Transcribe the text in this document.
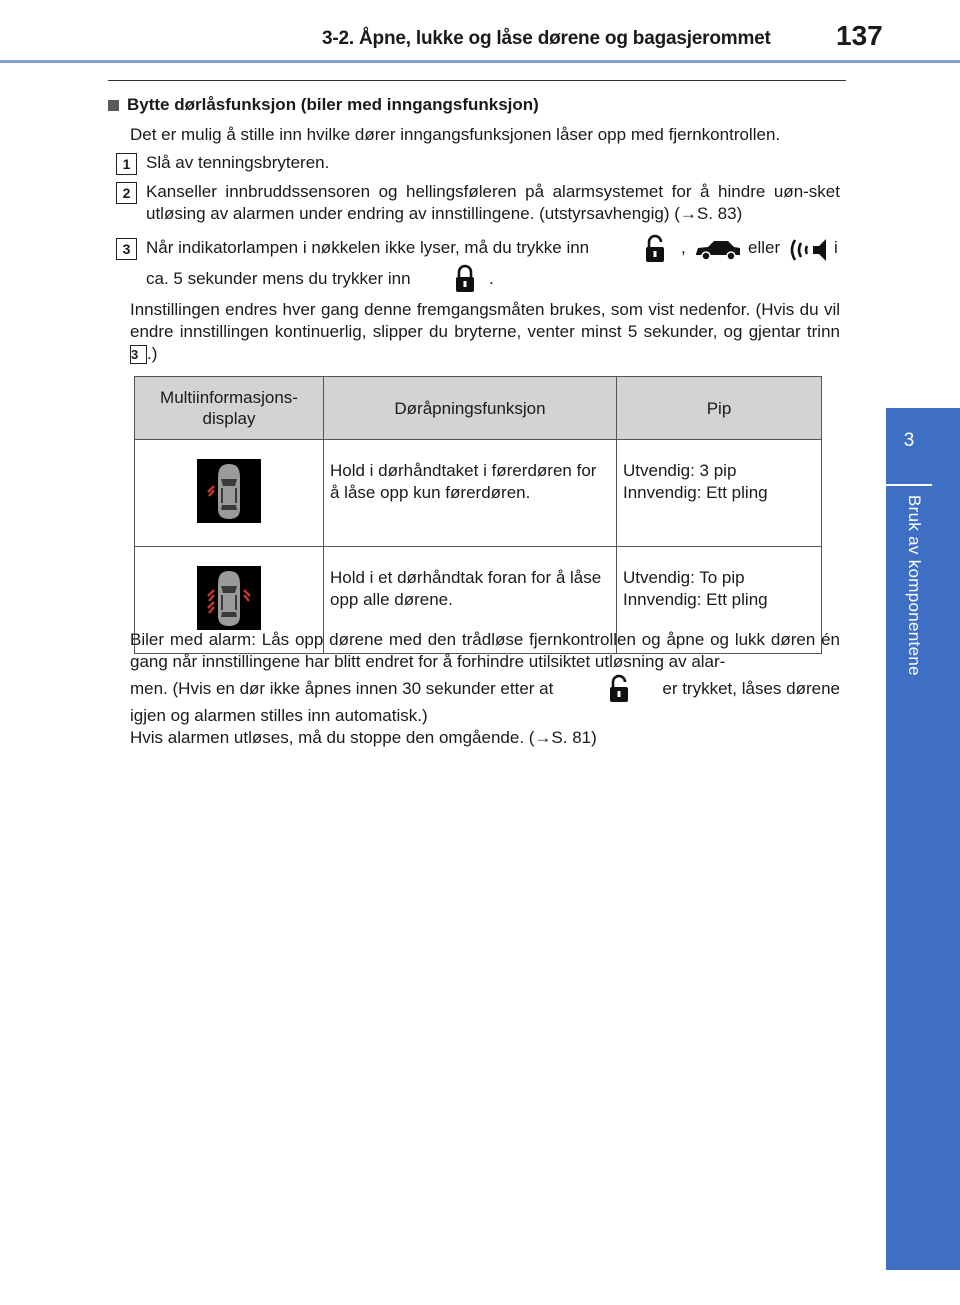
3-2. Åpne, lukke og låse dørene og bagasjerommet 137
3
Bruk av komponentene
Bytte dørlåsfunksjon (biler med inngangsfunksjon)
Det er mulig å stille inn hvilke dører inngangsfunksjonen låser opp med fjernkontrollen.
1 Slå av tenningsbryteren.
2 Kanseller innbruddssensoren og hellingsføleren på alarmsystemet for å hindre uøn-sket utløsing av alarmen under endring av innstillingene. (utstyrsavhengig) (→S. 83)
3 Når indikatorlampen i nøkkelen ikke lyser, må du trykke inn	,	eller	i
ca. 5 sekunder mens du trykker inn	.
Innstillingen endres hver gang denne fremgangsmåten brukes, som vist nedenfor. (Hvis du vil endre innstillingen kontinuerlig, slipper du bryterne, venter minst 5 sekunder, og gjentar trinn 3 .)
Multiinformasjons-display	Døråpningsfunksjon	Pip
	Hold i dørhåndtaket i førerdøren for å låse opp kun førerdøren.	Utvendig: 3 pip
Innvendig: Ett pling

	Hold i et dørhåndtak foran for å låse opp alle dørene.	Utvendig: To pip
Innvendig: Ett pling
Biler med alarm: Lås opp dørene med den trådløse fjernkontrollen og åpne og lukk døren én gang når innstillingene har blitt endret for å forhindre utilsiktet utløsning av alar-
men. (Hvis en dør ikke åpnes innen 30 sekunder etter at	er trykket, låses dørene
igjen og alarmen stilles inn automatisk.)
Hvis alarmen utløses, må du stoppe den omgående. (→S. 81)
